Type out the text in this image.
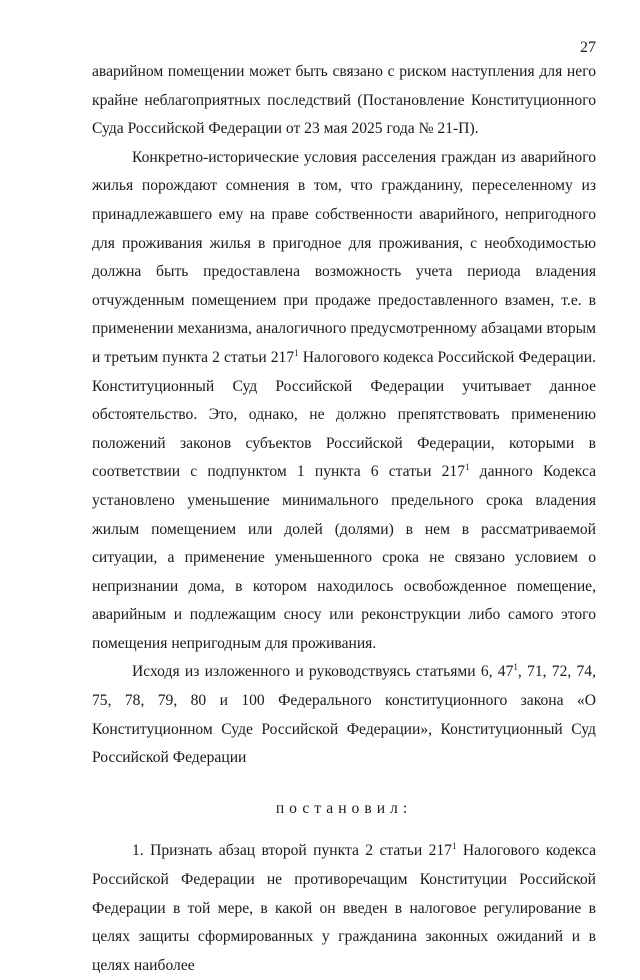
27

аварийном помещении может быть связано с риском наступления для него крайне неблагоприятных последствий (Постановление Конституционного Суда Российской Федерации от 23 мая 2025 года № 21-П).

Конкретно-исторические условия расселения граждан из аварийного жилья порождают сомнения в том, что гражданину, переселенному из принадлежавшего ему на праве собственности аварийного, непригодного для проживания жилья в пригодное для проживания, с необходимостью должна быть предоставлена возможность учета периода владения отчужденным помещением при продаже предоставленного взамен, т.е. в применении механизма, аналогичного предусмотренному абзацами вторым и третьим пункта 2 статьи $217^1$ Налогового кодекса Российской Федерации. Конституционный Суд Российской Федерации учитывает данное обстоятельство. Это, однако, не должно препятствовать применению положений законов субъектов Российской Федерации, которыми в соответствии с подпунктом 1 пункта 6 статьи $217^1$ данного Кодекса установлено уменьшение минимального предельного срока владения жилым помещением или долей (долями) в нем в рассматриваемой ситуации, а применение уменьшенного срока не связано условием о непризнании дома, в котором находилось освобожденное помещение, аварийным и подлежащим сносу или реконструкции либо самого этого помещения непригодным для проживания.

Исходя из изложенного и руководствуясь статьями 6, $47^1$, 71, 72, 74, 75, 78, 79, 80 и 100 Федерального конституционного закона «О Конституционном Суде Российской Федерации», Конституционный Суд Российской Федерации

постановил:

1. Признать абзац второй пункта 2 статьи $217^1$ Налогового кодекса Российской Федерации не противоречащим Конституции Российской Федерации в той мере, в какой он введен в налоговое регулирование в целях защиты сформированных у гражданина законных ожиданий и в целях наиболее
